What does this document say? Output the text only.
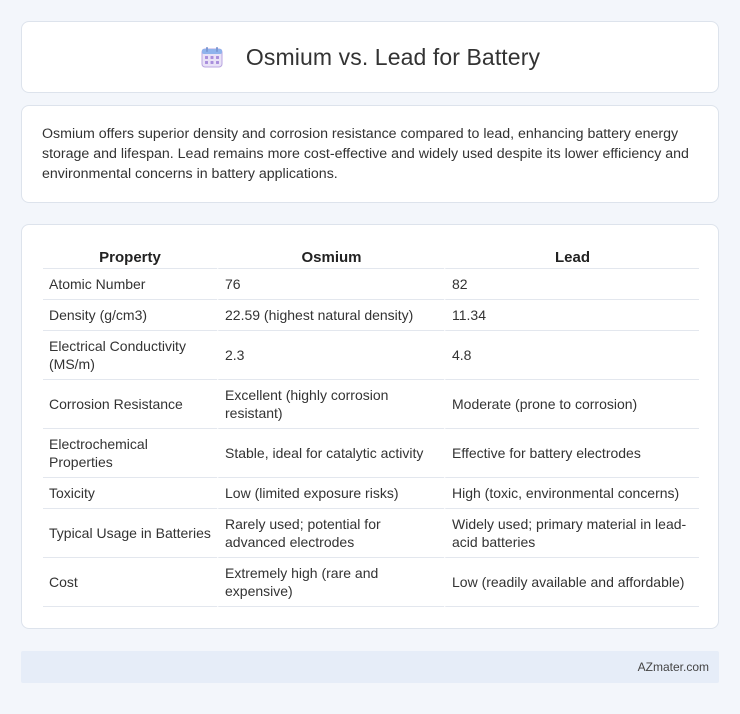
Osmium vs. Lead for Battery

Osmium offers superior density and corrosion resistance compared to lead, enhancing battery energy storage and lifespan. Lead remains more cost-effective and widely used despite its lower efficiency and environmental concerns in battery applications.

Property	Osmium	Lead
Atomic Number	76	82
Density (g/cm3)	22.59 (highest natural density)	11.34
Electrical Conductivity (MS/m)	2.3	4.8
Corrosion Resistance	Excellent (highly corrosion resistant)	Moderate (prone to corrosion)
Electrochemical Properties	Stable, ideal for catalytic activity	Effective for battery electrodes
Toxicity	Low (limited exposure risks)	High (toxic, environmental concerns)
Typical Usage in Batteries	Rarely used; potential for advanced electrodes	Widely used; primary material in lead-acid batteries
Cost	Extremely high (rare and expensive)	Low (readily available and affordable)
AZmater.com
